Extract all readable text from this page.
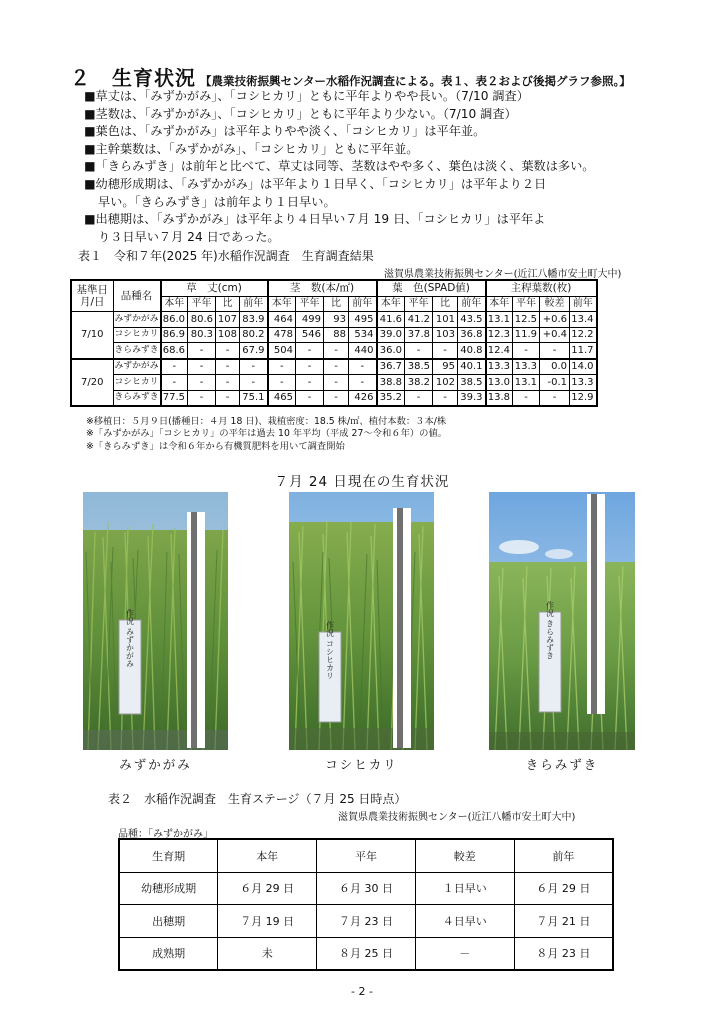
２　生育状況 【農業技術振興センター水稲作況調査による。表１、表２および後掲グラフ参照。】
■草丈は、「みずかがみ」、「コシヒカリ」ともに平年よりやや長い。（7/10 調査）
■茎数は、「みずかがみ」、「コシヒカリ」ともに平年より少ない。（7/10 調査）
■葉色は、「みずかがみ」は平年よりやや淡く、「コシヒカリ」は平年並。
■主幹葉数は、「みずかがみ」、「コシヒカリ」ともに平年並。
■「きらみずき」は前年と比べて、草丈は同等、茎数はやや多く、葉色は淡く、葉数は多い。
■幼穂形成期は、「みずかがみ」は平年より１日早く、「コシヒカリ」は平年より２日
早い。「きらみずき」は前年より１日早い。
■出穂期は、「みずかがみ」は平年より４日早い７月 19 日、「コシヒカリ」は平年よ
り３日早い７月 24 日であった。
表１　令和７年(2025 年)水稲作況調査　生育調査結果
滋賀県農業技術振興センター(近江八幡市安土町大中)
基準日
月/日	品種名	草　丈(cm)				茎　数(本/㎡)				葉　色(SPAD値)				主稈葉数(枚)			
		本年	平年	比	前年	本年	平年	比	前年	本年	平年	比	前年	本年	平年	較差	前年
7/10	みずかがみ	86.0	80.6	107	83.9	464	499	93	495	41.6	41.2	101	43.5	13.1	12.5	+0.6	13.4
	コシヒカリ	86.9	80.3	108	80.2	478	546	88	534	39.0	37.8	103	36.8	12.3	11.9	+0.4	12.2
	きらみずき	68.6	-	-	67.9	504	-	-	440	36.0	-	-	40.8	12.4	-	-	11.7
7/20	みずかがみ	-	-	-	-	-	-	-	-	36.7	38.5	95	40.1	13.3	13.3	0.0	14.0
	コシヒカリ	-	-	-	-	-	-	-	-	38.8	38.2	102	38.5	13.0	13.1	-0.1	13.3
	きらみずき	77.5	-	-	75.1	465	-	-	426	35.2	-	-	39.3	13.8	-	-	12.9
※移植日：５月９日(播種日：４月 18 日)、栽植密度：18.5 株/㎡、植付本数：３本/株
※「みずかがみ」「コシヒカリ」の平年は過去 10 年平均（平成 27～令和６年）の値。
※「きらみずき」は令和６年から有機質肥料を用いて調査開始
７月 24 日現在の生育状況
作況 みずかがみ	作況 コシヒカリ	作況 きらみずき
みずかがみ	コシヒカリ	きらみずき
表２　水稲作況調査　生育ステージ（７月 25 日時点）
滋賀県農業技術振興センター(近江八幡市安土町大中)
品種：「みずかがみ」
生育期	本年	平年	較差	前年
幼穂形成期	６月 29 日	６月 30 日	１日早い	６月 29 日
出穂期	７月 19 日	７月 23 日	４日早い	７月 21 日
成熟期	未	８月 25 日	－	８月 23 日
- 2 -
